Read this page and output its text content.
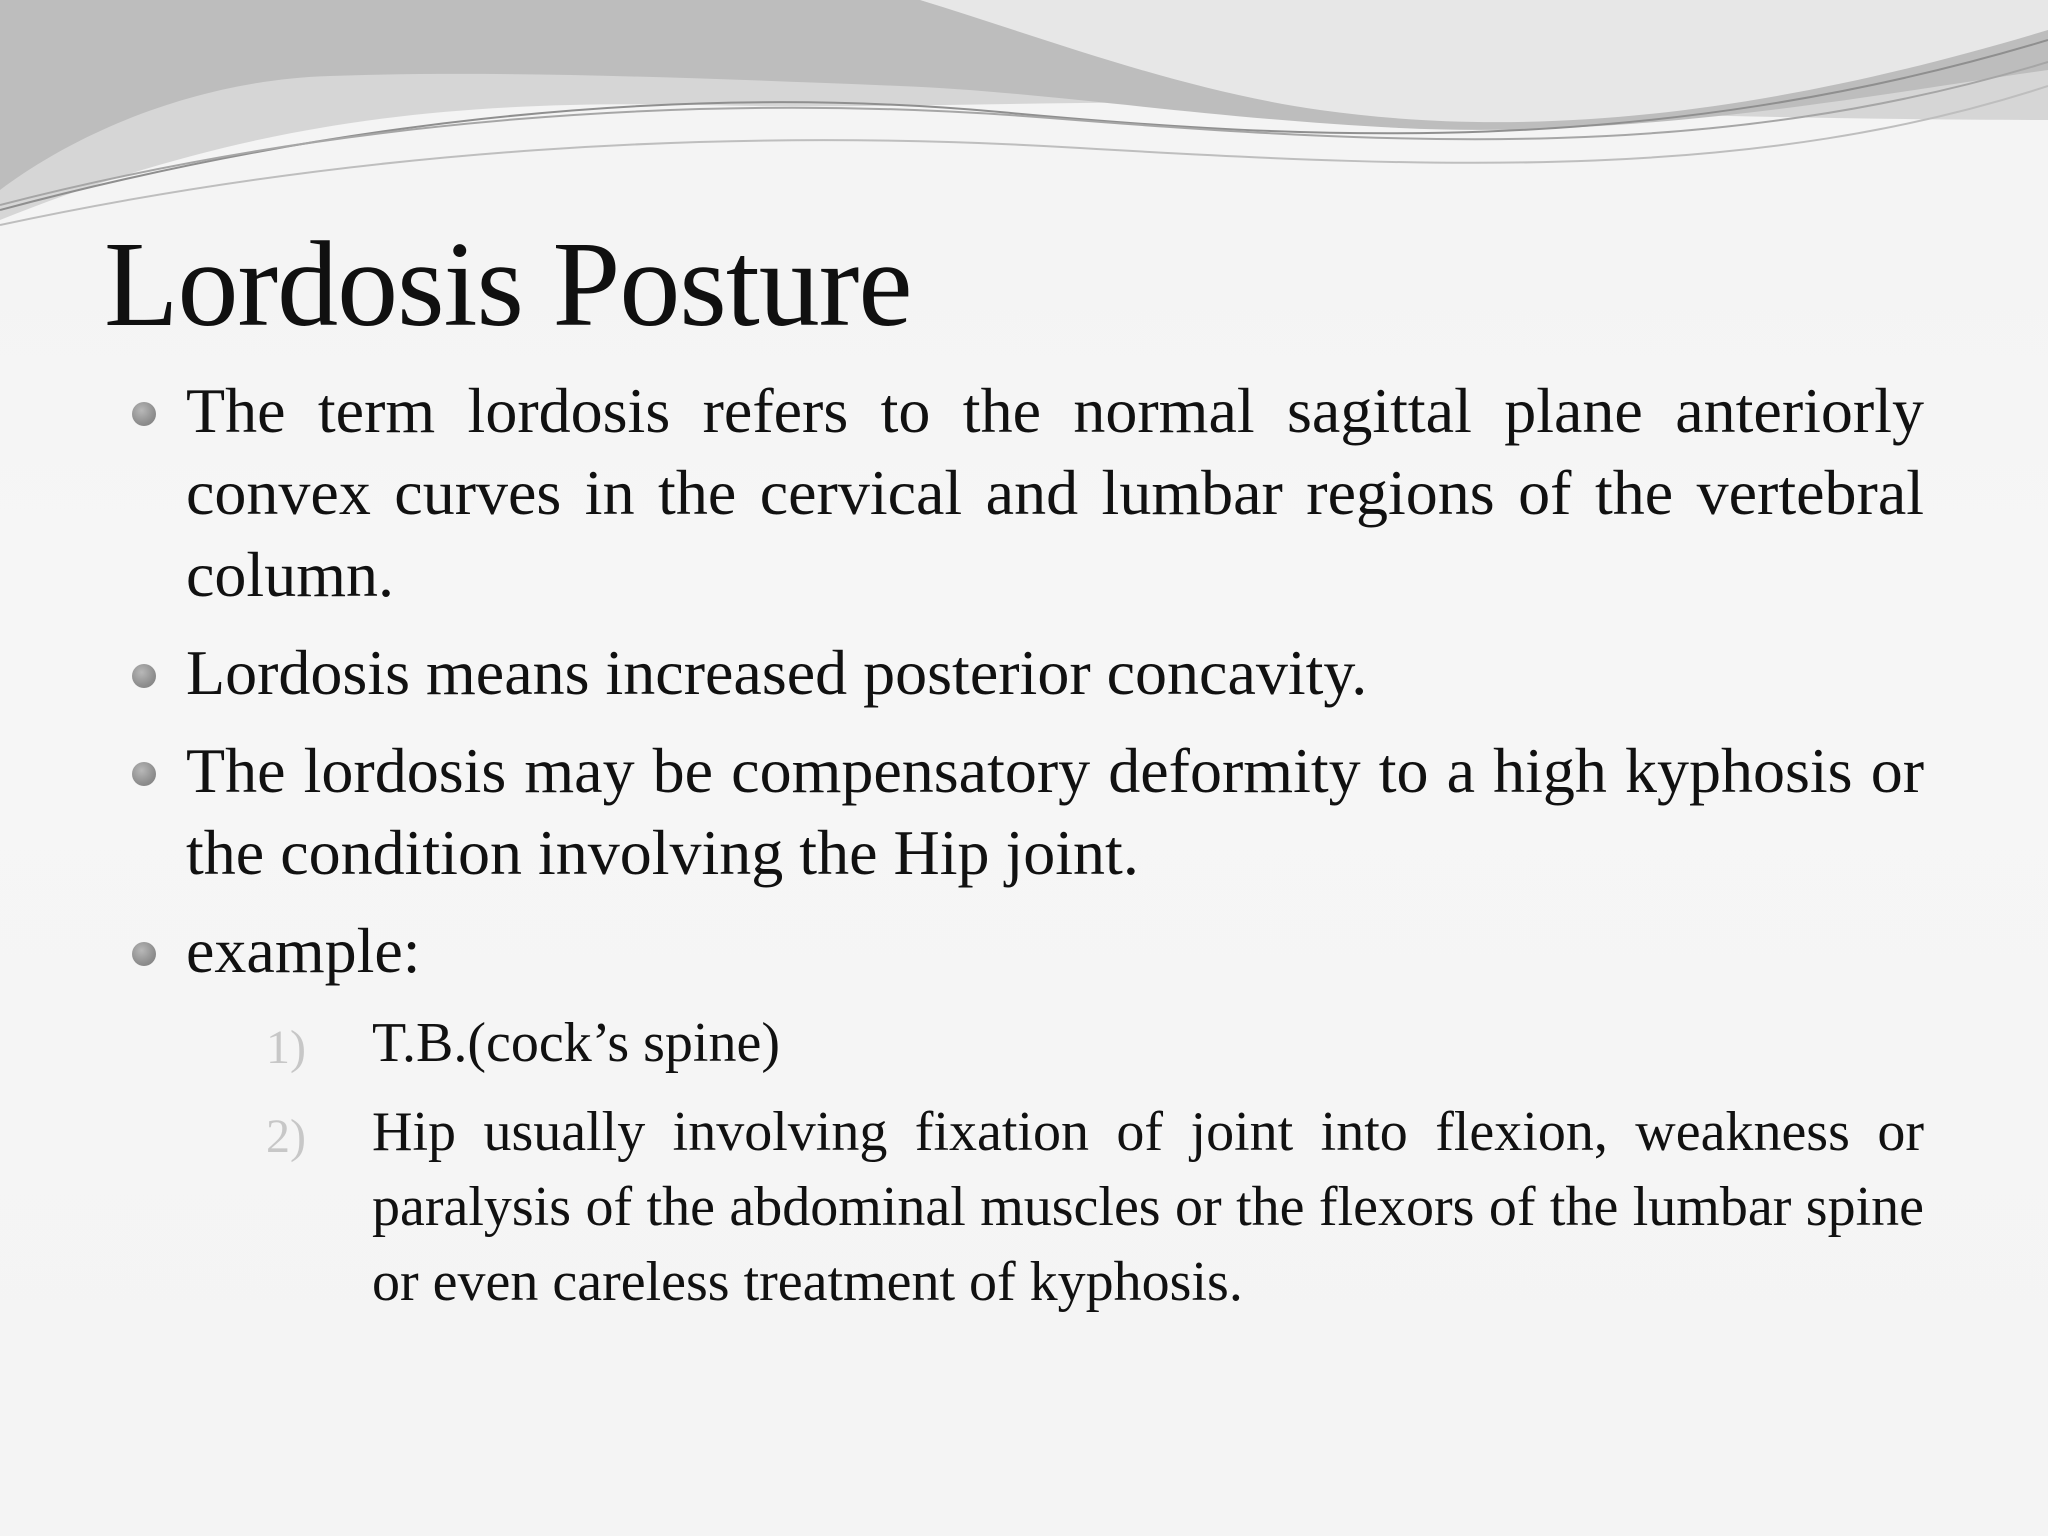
Lordosis Posture
The term lordosis refers to the normal sagittal plane anteriorly convex curves in the cervical and lumbar regions of the vertebral column.
Lordosis means increased posterior concavity.
The lordosis may be compensatory deformity to a high kyphosis or the condition involving the Hip joint.
example:
1) T.B.(cock’s spine)
2) Hip usually involving fixation of joint into flexion, weakness or paralysis of the abdominal muscles or the flexors of the lumbar spine or even careless treatment of kyphosis.
